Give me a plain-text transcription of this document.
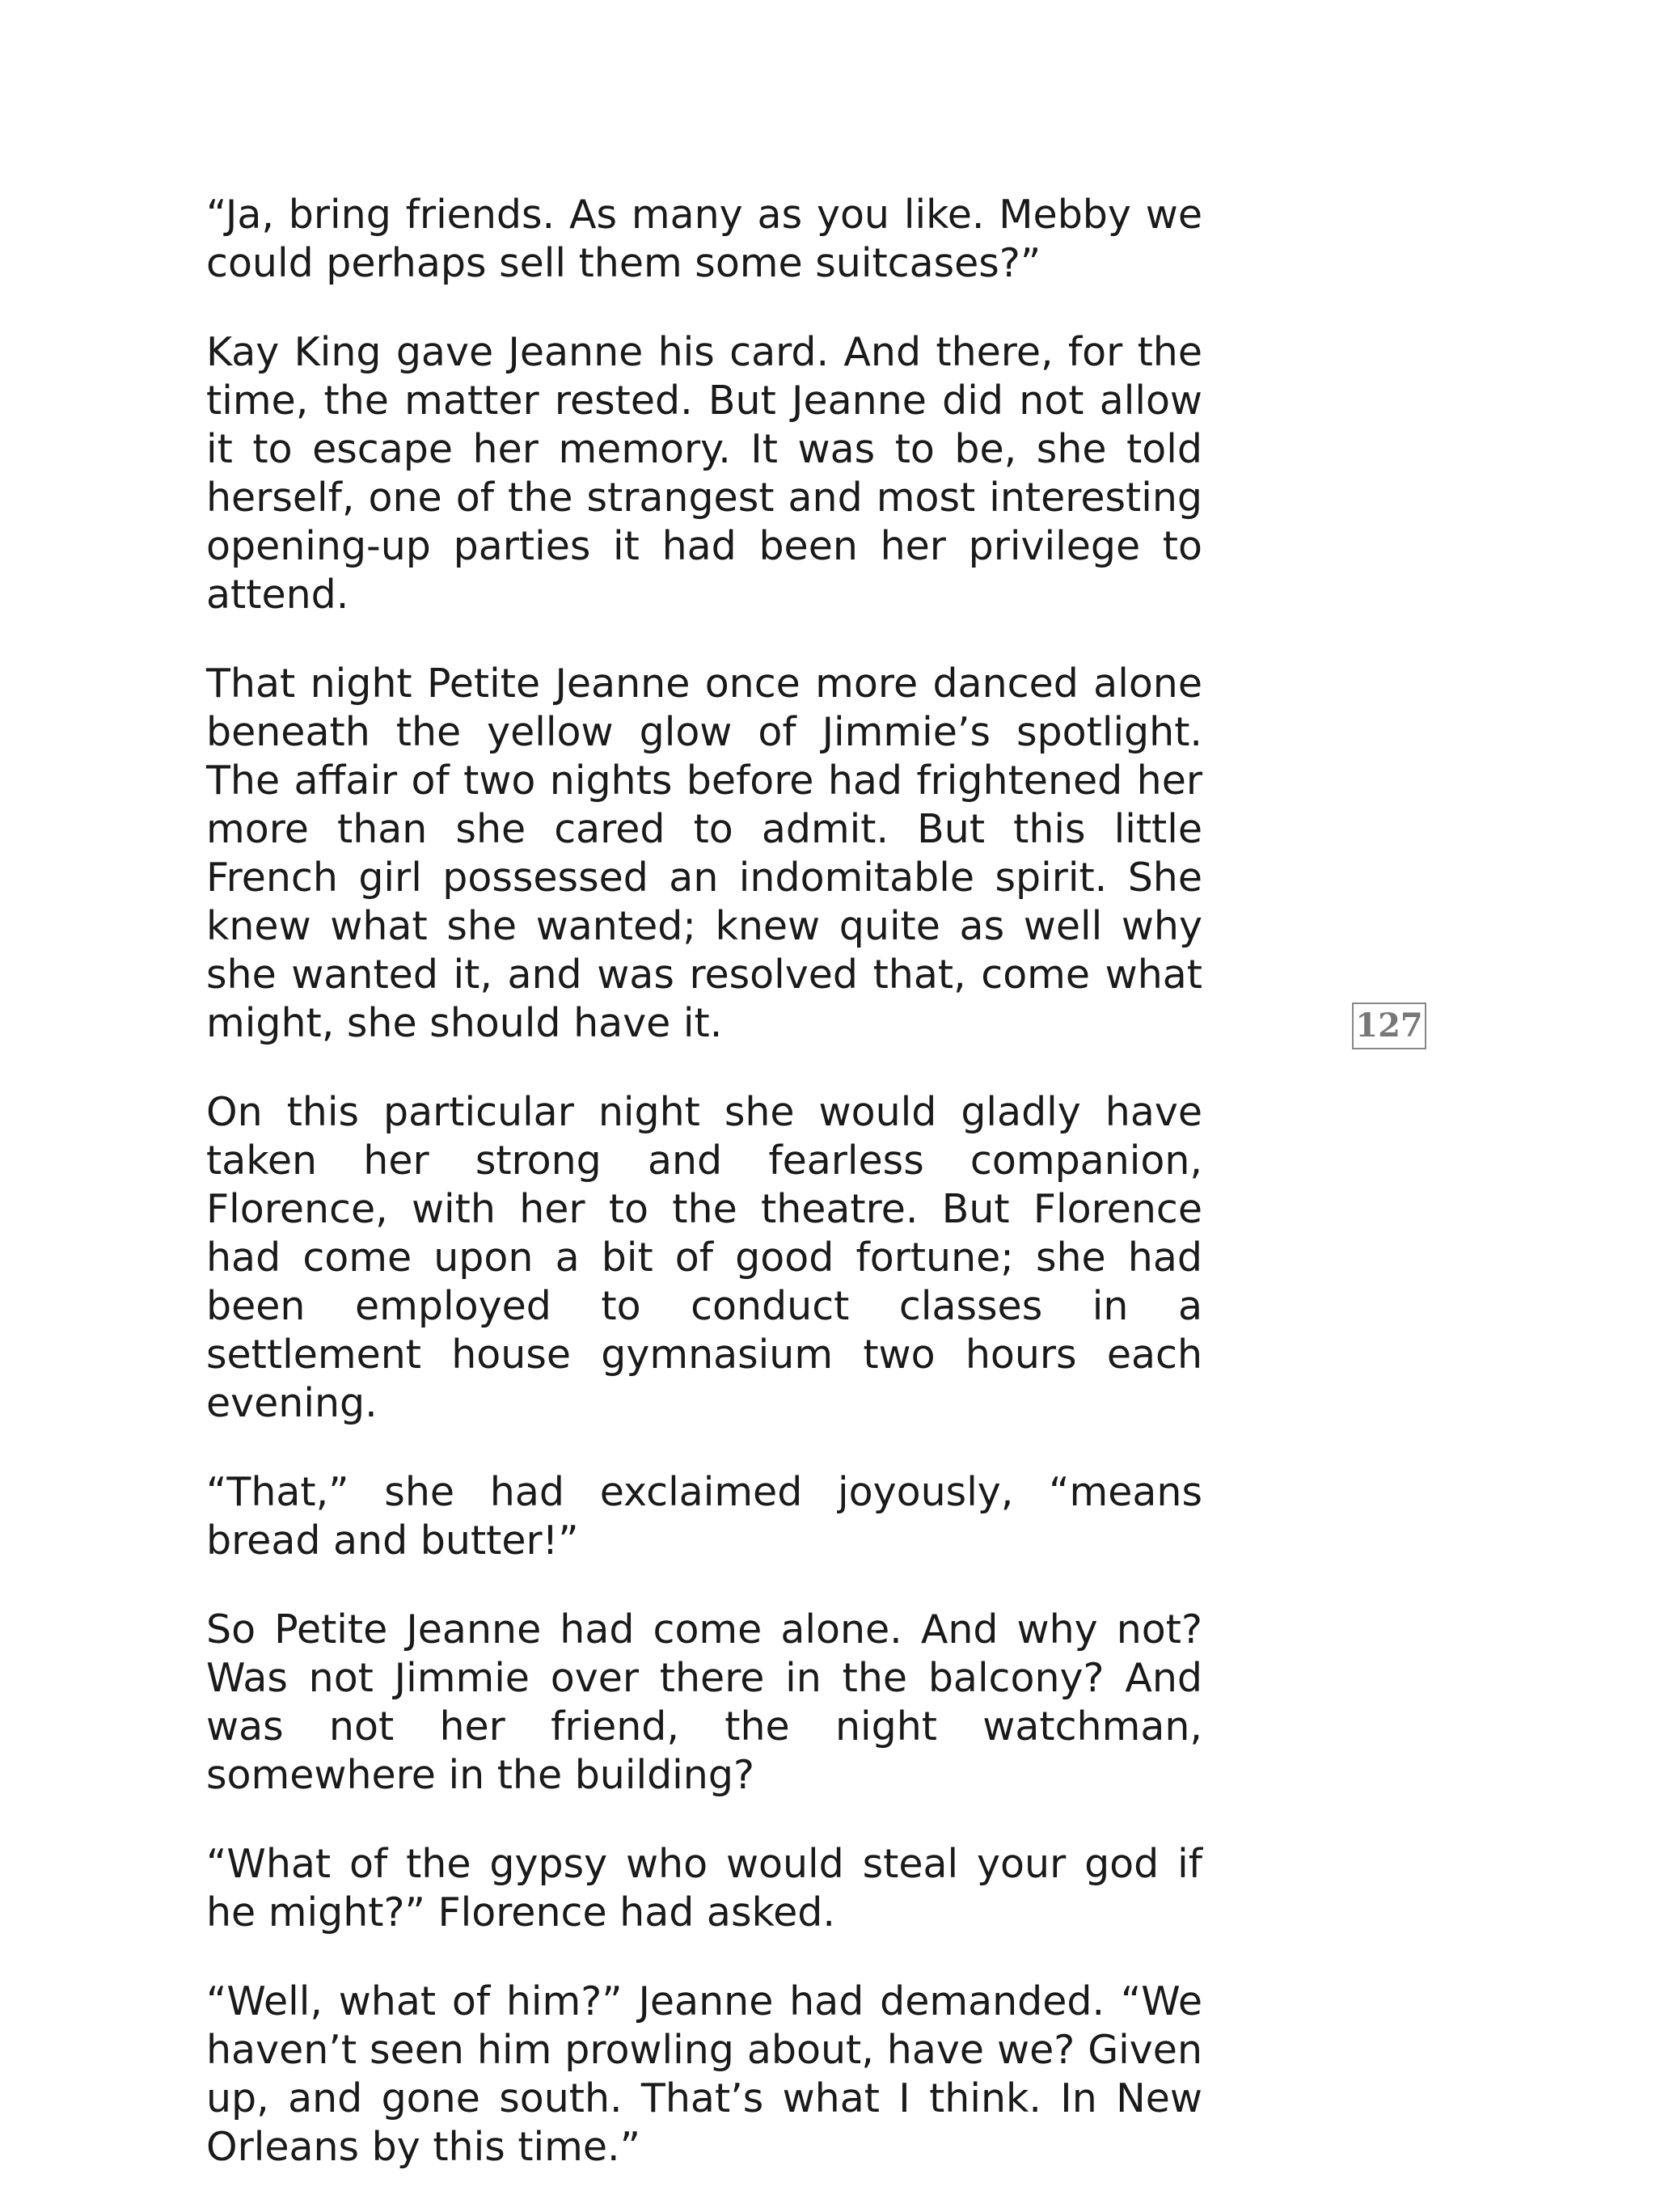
“Ja, bring friends. As many as you like. Mebby we could perhaps sell them some suitcases?”

Kay King gave Jeanne his card. And there, for the time, the matter rested. But Jeanne did not allow it to escape her memory. It was to be, she told herself, one of the strangest and most interesting opening-up parties it had been her privilege to attend.

That night Petite Jeanne once more danced alone beneath the yellow glow of Jimmie’s spotlight. The affair of two nights before had frightened her more than she cared to admit. But this little French girl possessed an indomitable spirit. She knew what she wanted; knew quite as well why she wanted it, and was resolved that, come what might, she should have it.

On this particular night she would gladly have taken her strong and fearless companion, Florence, with her to the theatre. But Florence had come upon a bit of good fortune; she had been employed to conduct classes in a settlement house gymnasium two hours each evening.

“That,” she had exclaimed joyously, “means bread and butter!”

So Petite Jeanne had come alone. And why not? Was not Jimmie over there in the balcony? And was not her friend, the night watchman, somewhere in the building?

“What of the gypsy who would steal your god if he might?” Florence had asked.

“Well, what of him?” Jeanne had demanded. “We haven’t seen him prowling about, have we? Given up, and gone south. That’s what I think. In New Orleans by this time.”

127
